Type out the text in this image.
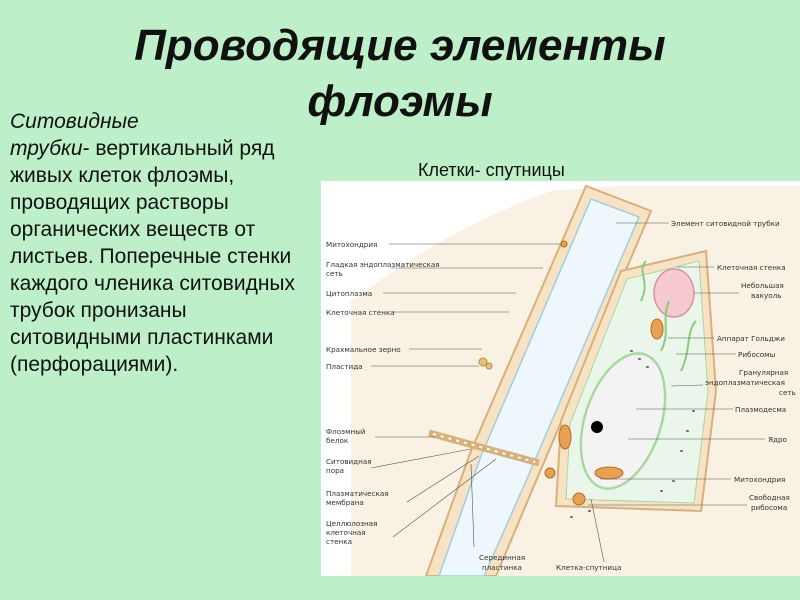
Проводящие элементы
флоэмы
Ситовидные
трубки- вертикальный ряд живых клеток флоэмы, проводящих растворы органических веществ от листьев. Поперечные стенки каждого членика ситовидных трубок пронизаны ситовидными пластинками (перфорациями).
Клетки- спутницы
Митохондрия
Гладкая эндоплазматическая
сеть
Цитоплазма
Клеточная стенка
Крахмальное зерно
Пластида
Флоэмный
белок
Ситовидная
пора
Плазматическая
мембрана
Целлюлозная
клеточная
стенка
Элемент ситовидной трубки
Клеточная стенка
Небольшая
вакуоль
Аппарат Гольджи
Рибосомы
Гранулярная
эндоплазматическая
сеть
Плазмодесма
Ядро
Митохондрия
Свободная
рибосома
Серединная
пластинка	Клетка-спутница
